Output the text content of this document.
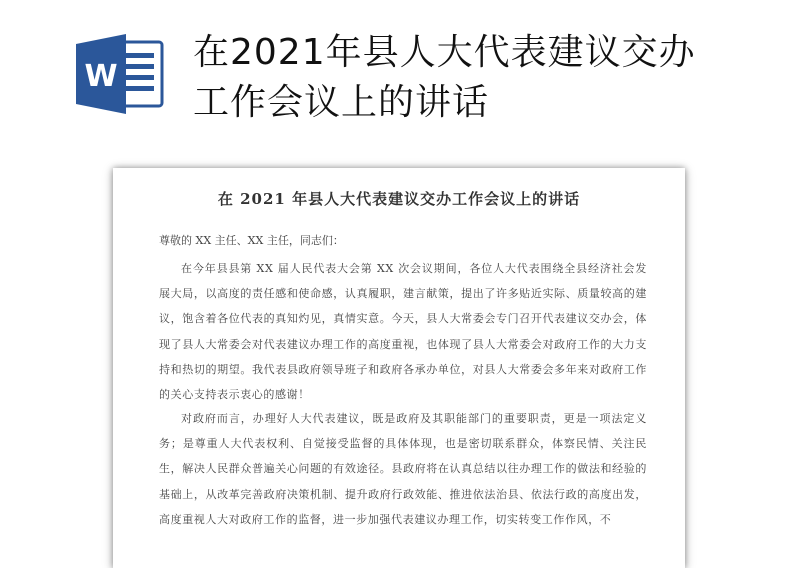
W
在2021年县人大代表建议交办工作会议上的讲话
在 2021 年县人大代表建议交办工作会议上的讲话
尊敬的 XX 主任、XX 主任，同志们：
在今年县县第 XX 届人民代表大会第 XX 次会议期间，各位人大代表围绕全县经济社会发展大局，以高度的责任感和使命感，认真履职，建言献策，提出了许多贴近实际、质量较高的建议，饱含着各位代表的真知灼见，真情实意。今天，县人大常委会专门召开代表建议交办会，体现了县人大常委会对代表建议办理工作的高度重视，也体现了县人大常委会对政府工作的大力支持和热切的期望。我代表县政府领导班子和政府各承办单位，对县人大常委会多年来对政府工作的关心支持表示衷心的感谢！
对政府而言，办理好人大代表建议，既是政府及其职能部门的重要职责，更是一项法定义务；是尊重人大代表权利、自觉接受监督的具体体现，也是密切联系群众，体察民情、关注民生，解决人民群众普遍关心问题的有效途径。县政府将在认真总结以往办理工作的做法和经验的基础上，从改革完善政府决策机制、提升政府行政效能、推进依法治县、依法行政的高度出发，高度重视人大对政府工作的监督，进一步加强代表建议办理工作，切实转变工作作风，不
